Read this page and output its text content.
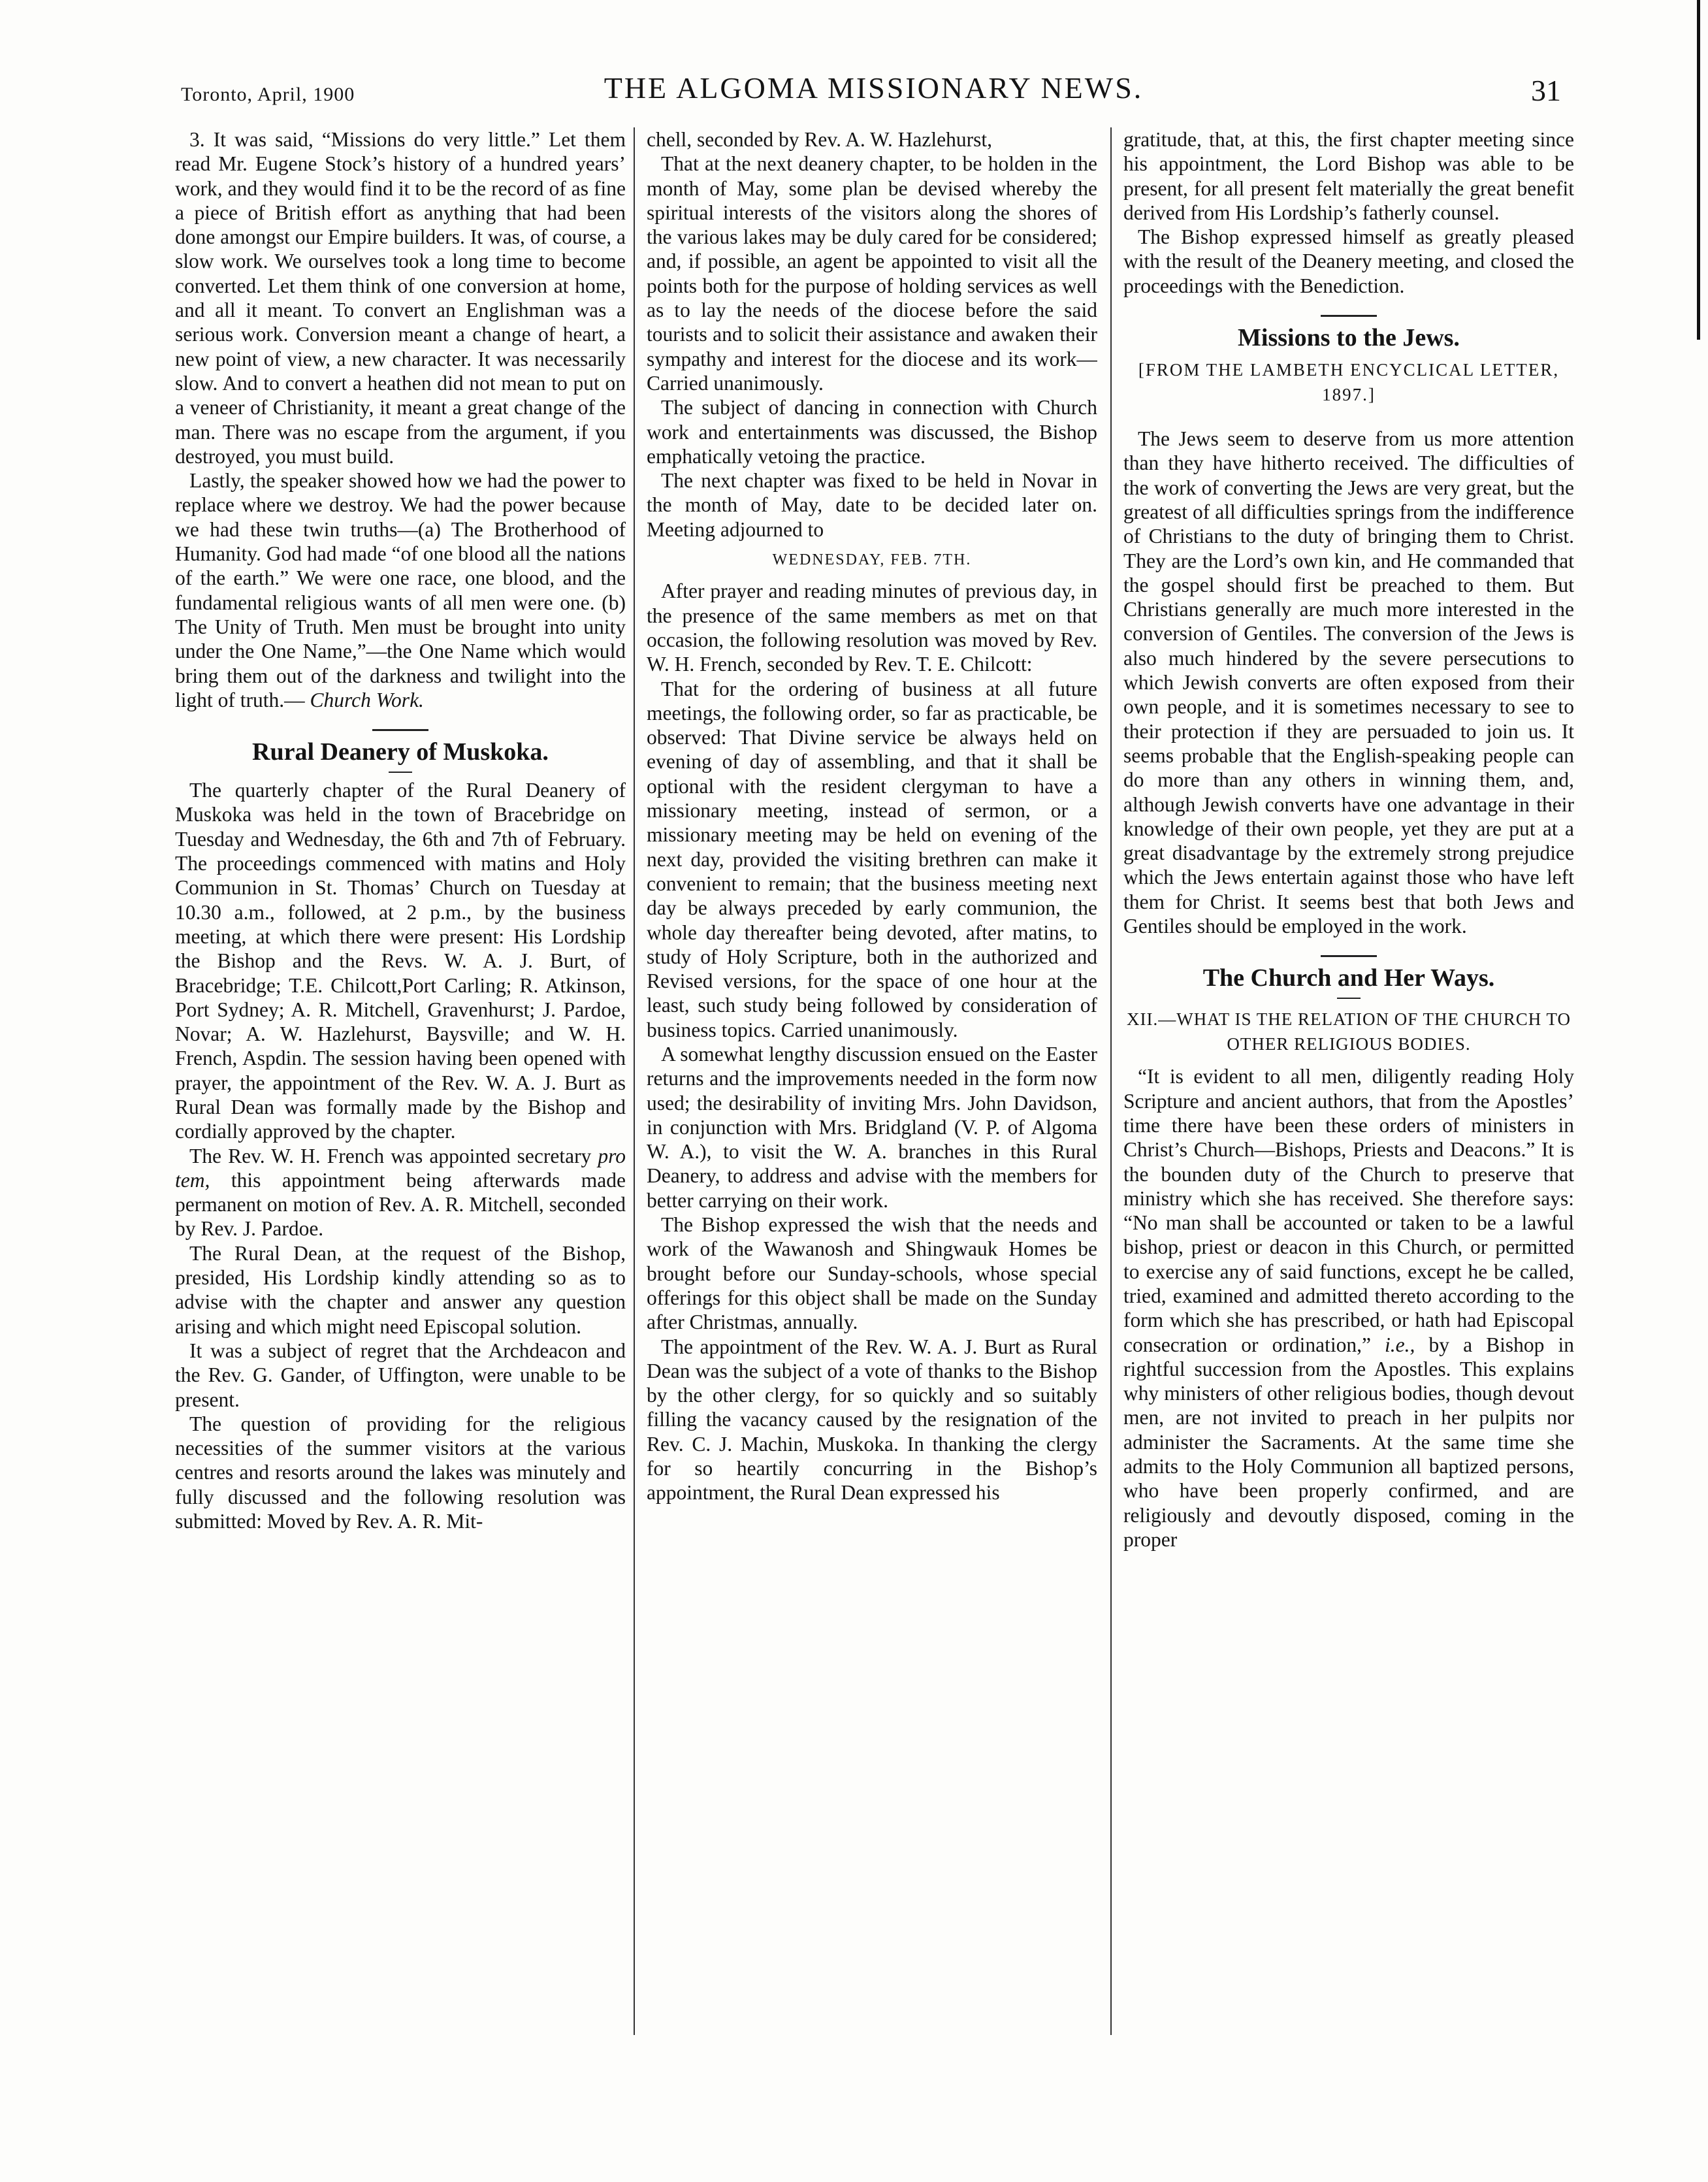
Toronto, April, 1900	THE ALGOMA MISSIONARY NEWS.	31

3. It was said, “Missions do very little.” Let them read Mr. Eugene Stock’s history of a hundred years’ work, and they would find it to be the record of as fine a piece of British effort as anything that had been done amongst our Empire builders. It was, of course, a slow work. We ourselves took a long time to become converted. Let them think of one conversion at home, and all it meant. To convert an Englishman was a serious work. Conversion meant a change of heart, a new point of view, a new character. It was necessarily slow. And to convert a heathen did not mean to put on a veneer of Christianity, it meant a great change of the man. There was no escape from the argument, if you destroyed, you must build.

Lastly, the speaker showed how we had the power to replace where we destroy. We had the power because we had these twin truths—(a) The Brotherhood of Humanity. God had made “of one blood all the nations of the earth.” We were one race, one blood, and the fundamental religious wants of all men were one. (b) The Unity of Truth. Men must be brought into unity under the One Name,”—the One Name which would bring them out of the darkness and twilight into the light of truth.— Church Work.

Rural Deanery of Muskoka.

The quarterly chapter of the Rural Deanery of Muskoka was held in the town of Bracebridge on Tuesday and Wednesday, the 6th and 7th of February. The proceedings commenced with matins and Holy Communion in St. Thomas’ Church on Tuesday at 10.30 a.m., followed, at 2 p.m., by the business meeting, at which there were present: His Lordship the Bishop and the Revs. W. A. J. Burt, of Bracebridge; T.E. Chilcott,Port Carling; R. Atkinson, Port Sydney; A. R. Mitchell, Gravenhurst; J. Pardoe, Novar; A. W. Hazlehurst, Baysville; and W. H. French, Aspdin. The session having been opened with prayer, the appointment of the Rev. W. A. J. Burt as Rural Dean was formally made by the Bishop and cordially approved by the chapter.

The Rev. W. H. French was appointed secretary pro tem, this appointment being afterwards made permanent on motion of Rev. A. R. Mitchell, seconded by Rev. J. Pardoe.

The Rural Dean, at the request of the Bishop, presided, His Lordship kindly attending so as to advise with the chapter and answer any question arising and which might need Episcopal solution.

It was a subject of regret that the Archdeacon and the Rev. G. Gander, of Uffington, were unable to be present.

The question of providing for the religious necessities of the summer visitors at the various centres and resorts around the lakes was minutely and fully discussed and the following resolution was submitted: Moved by Rev. A. R. Mit-

chell, seconded by Rev. A. W. Hazlehurst,

That at the next deanery chapter, to be holden in the month of May, some plan be devised whereby the spiritual interests of the visitors along the shores of the various lakes may be duly cared for be considered; and, if possible, an agent be appointed to visit all the points both for the purpose of holding services as well as to lay the needs of the diocese before the said tourists and to solicit their assistance and awaken their sympathy and interest for the diocese and its work—Carried unanimously.

The subject of dancing in connection with Church work and entertainments was discussed, the Bishop emphatically vetoing the practice.

The next chapter was fixed to be held in Novar in the month of May, date to be decided later on. Meeting adjourned to

WEDNESDAY, FEB. 7TH.

After prayer and reading minutes of previous day, in the presence of the same members as met on that occasion, the following resolution was moved by Rev. W. H. French, seconded by Rev. T. E. Chilcott:

That for the ordering of business at all future meetings, the following order, so far as practicable, be observed: That Divine service be always held on evening of day of assembling, and that it shall be optional with the resident clergyman to have a missionary meeting, instead of sermon, or a missionary meeting may be held on evening of the next day, provided the visiting brethren can make it convenient to remain; that the business meeting next day be always preceded by early communion, the whole day thereafter being devoted, after matins, to study of Holy Scripture, both in the authorized and Revised versions, for the space of one hour at the least, such study being followed by consideration of business topics. Carried unanimously.

A somewhat lengthy discussion ensued on the Easter returns and the improvements needed in the form now used; the desirability of inviting Mrs. John Davidson, in conjunction with Mrs. Bridgland (V. P. of Algoma W. A.), to visit the W. A. branches in this Rural Deanery, to address and advise with the members for better carrying on their work.

The Bishop expressed the wish that the needs and work of the Wawanosh and Shingwauk Homes be brought before our Sunday-schools, whose special offerings for this object shall be made on the Sunday after Christmas, annually.

The appointment of the Rev. W. A. J. Burt as Rural Dean was the subject of a vote of thanks to the Bishop by the other clergy, for so quickly and so suitably filling the vacancy caused by the resignation of the Rev. C. J. Machin, Muskoka. In thanking the clergy for so heartily concurring in the Bishop’s appointment, the Rural Dean expressed his

gratitude, that, at this, the first chapter meeting since his appointment, the Lord Bishop was able to be present, for all present felt materially the great benefit derived from His Lordship’s fatherly counsel.

The Bishop expressed himself as greatly pleased with the result of the Deanery meeting, and closed the proceedings with the Benediction.

Missions to the Jews.
[FROM THE LAMBETH ENCYCLICAL LETTER, 1897.]

The Jews seem to deserve from us more attention than they have hitherto received. The difficulties of the work of converting the Jews are very great, but the greatest of all difficulties springs from the indifference of Christians to the duty of bringing them to Christ. They are the Lord’s own kin, and He commanded that the gospel should first be preached to them. But Christians generally are much more interested in the conversion of Gentiles. The conversion of the Jews is also much hindered by the severe persecutions to which Jewish converts are often exposed from their own people, and it is sometimes necessary to see to their protection if they are persuaded to join us. It seems probable that the English-speaking people can do more than any others in winning them, and, although Jewish converts have one advantage in their knowledge of their own people, yet they are put at a great disadvantage by the extremely strong prejudice which the Jews entertain against those who have left them for Christ. It seems best that both Jews and Gentiles should be employed in the work.

The Church and Her Ways.
XII.—WHAT IS THE RELATION OF THE CHURCH TO OTHER RELIGIOUS BODIES.

“It is evident to all men, diligently reading Holy Scripture and ancient authors, that from the Apostles’ time there have been these orders of ministers in Christ’s Church—Bishops, Priests and Deacons.” It is the bounden duty of the Church to preserve that ministry which she has received. She therefore says: “No man shall be accounted or taken to be a lawful bishop, priest or deacon in this Church, or permitted to exercise any of said functions, except he be called, tried, examined and admitted thereto according to the form which she has prescribed, or hath had Episcopal consecration or ordination,” i.e., by a Bishop in rightful succession from the Apostles. This explains why ministers of other religious bodies, though devout men, are not invited to preach in her pulpits nor administer the Sacraments. At the same time she admits to the Holy Communion all baptized persons, who have been properly confirmed, and are religiously and devoutly disposed, coming in the proper
